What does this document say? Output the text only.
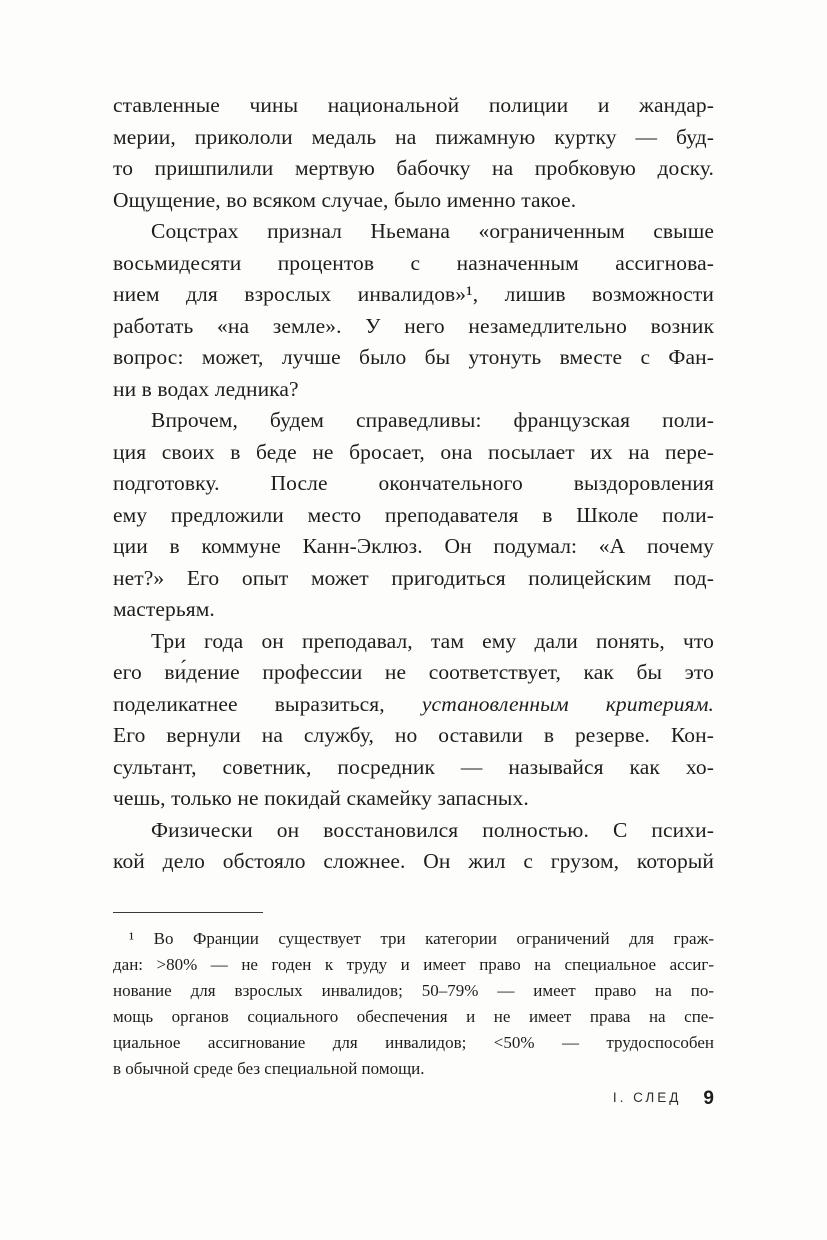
ставленные чины национальной полиции и жандар-
мерии, прикололи медаль на пижамную куртку — буд-
то пришпилили мертвую бабочку на пробковую доску.
Ощущение, во всяком случае, было именно такое.
Соцстрах признал Ньемана «ограниченным свыше
восьмидесяти процентов с назначенным ассигнова-
нием для взрослых инвалидов»¹, лишив возможности
работать «на земле». У него незамедлительно возник
вопрос: может, лучше было бы утонуть вместе с Фан-
ни в водах ледника?
Впрочем, будем справедливы: французская поли-
ция своих в беде не бросает, она посылает их на пере-
подготовку. После окончательного выздоровления
ему предложили место преподавателя в Школе поли-
ции в коммуне Канн-Эклюз. Он подумал: «А почему
нет?» Его опыт может пригодиться полицейским под-
мастерьям.
Три года он преподавал, там ему дали понять, что
его ви́дение профессии не соответствует, как бы это
поделикатнее выразиться, установленным критериям.
Его вернули на службу, но оставили в резерве. Кон-
сультант, советник, посредник — называйся как хо-
чешь, только не покидай скамейку запасных.
Физически он восстановился полностью. С психи-
кой дело обстояло сложнее. Он жил с грузом, который
¹ Во Франции существует три категории ограничений для граж-
дан: >80% — не годен к труду и имеет право на специальное ассиг-
нование для взрослых инвалидов; 50–79% — имеет право на по-
мощь органов социального обеспечения и не имеет права на спе-
циальное ассигнование для инвалидов; <50% — трудоспособен
в обычной среде без специальной помощи.
I. СЛЕД 9
